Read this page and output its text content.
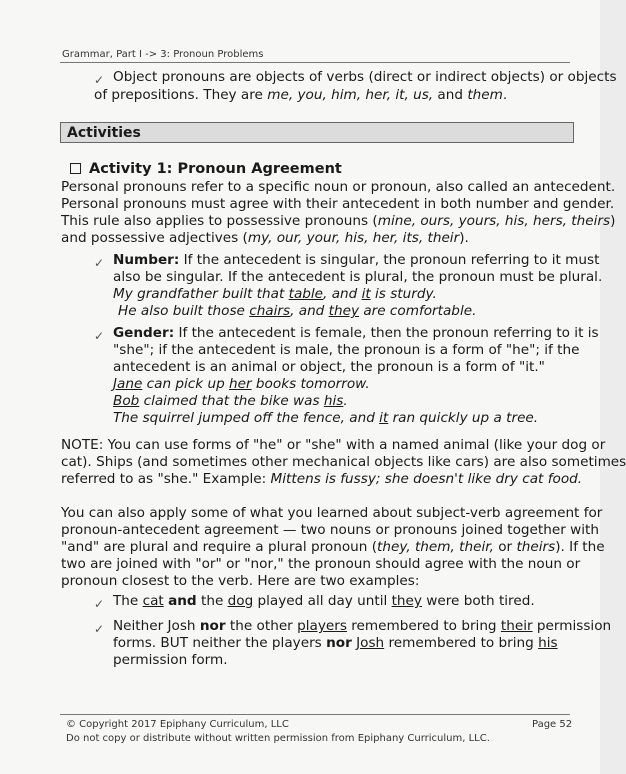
Grammar, Part I -> 3: Pronoun Problems
✓ Object pronouns are objects of verbs (direct or indirect objects) or objects
of prepositions. They are me, you, him, her, it, us, and them.
Activities
Activity 1: Pronoun Agreement
Personal pronouns refer to a specific noun or pronoun, also called an antecedent.
Personal pronouns must agree with their antecedent in both number and gender.
This rule also applies to possessive pronouns (mine, ours, yours, his, hers, theirs)
and possessive adjectives (my, our, your, his, her, its, their).
✓ Number: If the antecedent is singular, the pronoun referring to it must
also be singular. If the antecedent is plural, the pronoun must be plural.
My grandfather built that table, and it is sturdy.
He also built those chairs, and they are comfortable.
✓ Gender: If the antecedent is female, then the pronoun referring to it is
"she"; if the antecedent is male, the pronoun is a form of "he"; if the
antecedent is an animal or object, the pronoun is a form of "it."
Jane can pick up her books tomorrow.
Bob claimed that the bike was his.
The squirrel jumped off the fence, and it ran quickly up a tree.
NOTE: You can use forms of "he" or "she" with a named animal (like your dog or
cat). Ships (and sometimes other mechanical objects like cars) are also sometimes
referred to as "she." Example: Mittens is fussy; she doesn't like dry cat food.
You can also apply some of what you learned about subject-verb agreement for
pronoun-antecedent agreement — two nouns or pronouns joined together with
"and" are plural and require a plural pronoun (they, them, their, or theirs). If the
two are joined with "or" or "nor," the pronoun should agree with the noun or
pronoun closest to the verb. Here are two examples:
✓ The cat and the dog played all day until they were both tired.
✓ Neither Josh nor the other players remembered to bring their permission
forms. BUT neither the players nor Josh remembered to bring his
permission form.
© Copyright 2017 Epiphany Curriculum, LLC	Page 52
Do not copy or distribute without written permission from Epiphany Curriculum, LLC.
